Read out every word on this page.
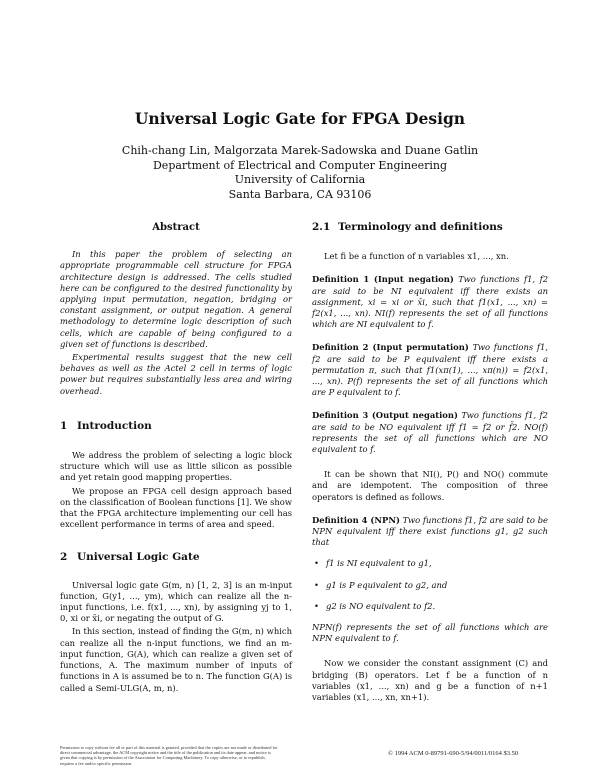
Universal Logic Gate for FPGA Design
Chih-chang Lin, Malgorzata Marek-Sadowska and Duane Gatlin
Department of Electrical and Computer Engineering
University of California
Santa Barbara, CA 93106
Abstract

In this paper the problem of selecting an appropriate programmable cell structure for FPGA architecture design is addressed. The cells studied here can be configured to the desired functionality by applying input permutation, negation, bridging or constant assignment, or output negation. A general methodology to determine logic description of such cells, which are capable of being configured to a given set of functions is described.

Experimental results suggest that the new cell behaves as well as the Actel 2 cell in terms of logic power but requires substantially less area and wiring overhead.

1 Introduction

We address the problem of selecting a logic block structure which will use as little silicon as possible and yet retain good mapping properties.

We propose an FPGA cell design approach based on the classification of Boolean functions [1]. We show that the FPGA architecture implementing our cell has excellent performance in terms of area and speed.

2 Universal Logic Gate

Universal logic gate G(m, n) [1, 2, 3] is an m-input function, G(y1, ..., ym), which can realize all the n-input functions, i.e. f(x1, ..., xn), by assigning yj to 1, 0, xi or x̄i, or negating the output of G.

In this section, instead of finding the G(m, n) which can realize all the n-input functions, we find an m-input function, G(A), which can realize a given set of functions, A. The maximum number of inputs of functions in A is assumed be to n. The function G(A) is called a Semi-ULG(A, m, n).

2.1 Terminology and definitions

Let fi be a function of n variables x1, ..., xn.

Definition 1 (Input negation) Two functions f1, f2 are said to be NI equivalent iff there exists an assignment, xi = xi or x̄i, such that f1(x1, ..., xn) = f2(x1, ..., xn). NI(f) represents the set of all functions which are NI equivalent to f.
Definition 2 (Input permutation) Two functions f1, f2 are said to be P equivalent iff there exists a permutation π, such that f1(xπ(1), ..., xπ(n)) = f2(x1, ..., xn). P(f) represents the set of all functions which are P equivalent to f.
Definition 3 (Output negation) Two functions f1, f2 are said to be NO equivalent iff f1 = f2 or f̄2. NO(f) represents the set of all functions which are NO equivalent to f.

It can be shown that NI(), P() and NO() commute and are idempotent. The composition of three operators is defined as follows.

Definition 4 (NPN) Two functions f1, f2 are said to be NPN equivalent iff there exist functions g1, g2 such that
• f1 is NI equivalent to g1,
• g1 is P equivalent to g2, and
• g2 is NO equivalent to f2.
NPN(f) represents the set of all functions which are NPN equivalent to f.

Now we consider the constant assignment (C) and bridging (B) operators. Let f be a function of n variables (x1, ..., xn) and g be a function of n+1 variables (x1, ..., xn, xn+1).

Permission to copy without fee all or part of this material is granted, provided that the copies are not made or distributed for direct commercial advantage, the ACM copyright notice and the title of the publication and its date appear, and notice is given that copying is by permission of the Association for Computing Machinery. To copy otherwise, or to republish, requires a fee and/or specific permission.
© 1994 ACM 0-89791-690-5/94/0011/0164 $3.50
